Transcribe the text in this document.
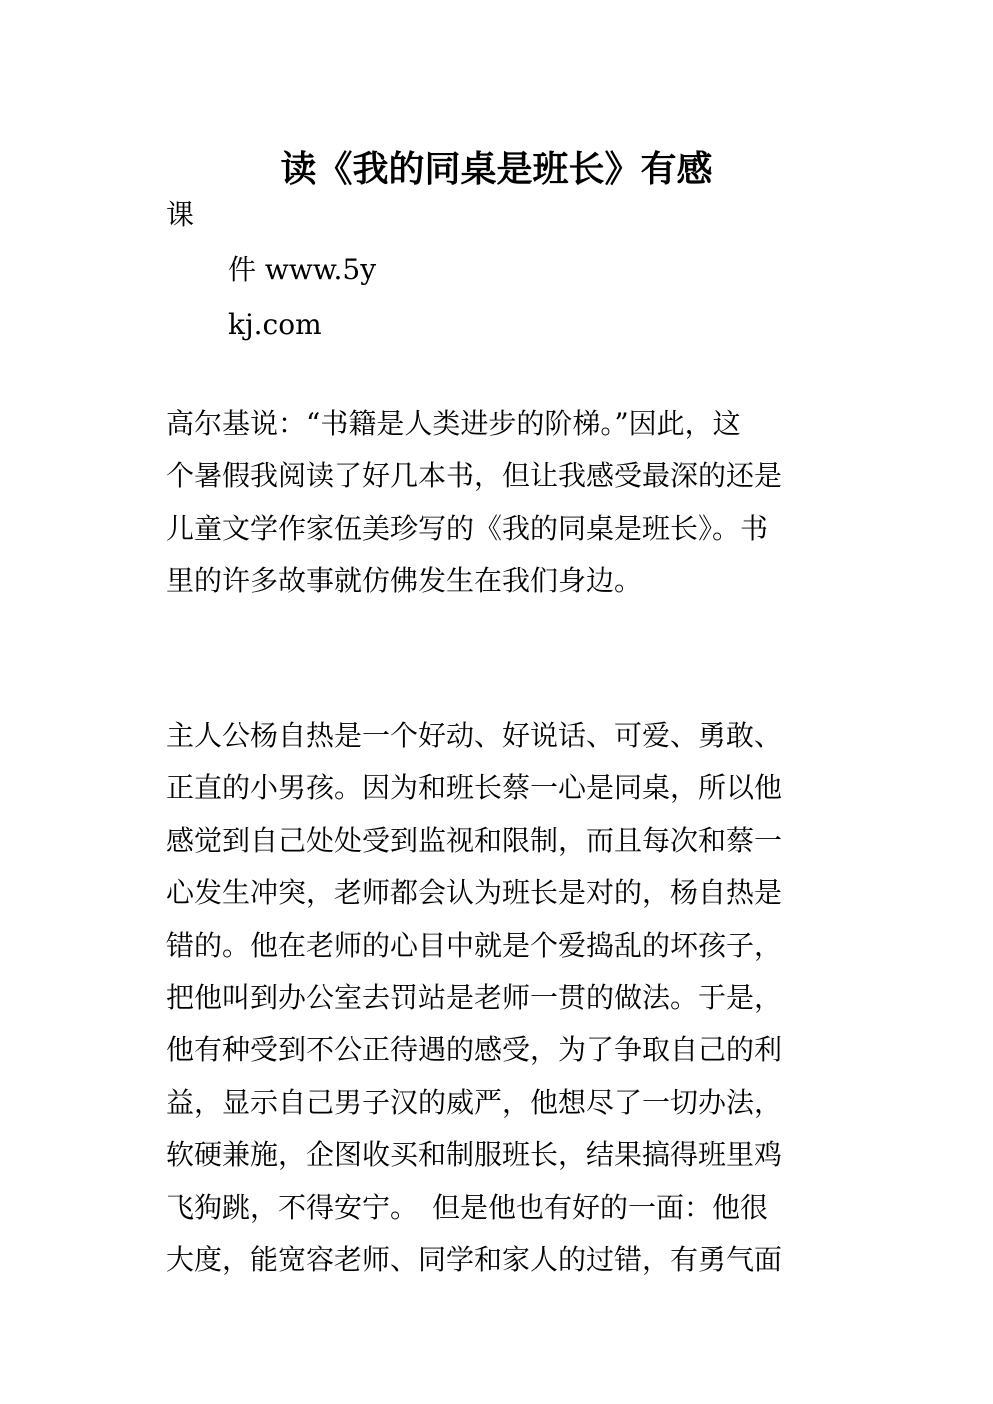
读《我的同桌是班长》有感
课
件 www.5y
kj.com
高尔基说：“书籍是人类进步的阶梯。”因此，这
个暑假我阅读了好几本书，但让我感受最深的还是
儿童文学作家伍美珍写的《我的同桌是班长》。书
里的许多故事就仿佛发生在我们身边。
主人公杨自热是一个好动、好说话、可爱、勇敢、
正直的小男孩。因为和班长蔡一心是同桌，所以他
感觉到自己处处受到监视和限制，而且每次和蔡一
心发生冲突，老师都会认为班长是对的，杨自热是
错的。他在老师的心目中就是个爱捣乱的坏孩子，
把他叫到办公室去罚站是老师一贯的做法。于是，
他有种受到不公正待遇的感受，为了争取自己的利
益，显示自己男子汉的威严，他想尽了一切办法，
软硬兼施，企图收买和制服班长，结果搞得班里鸡
飞狗跳，不得安宁。　但是他也有好的一面：他很
大度，能宽容老师、同学和家人的过错，有勇气面
